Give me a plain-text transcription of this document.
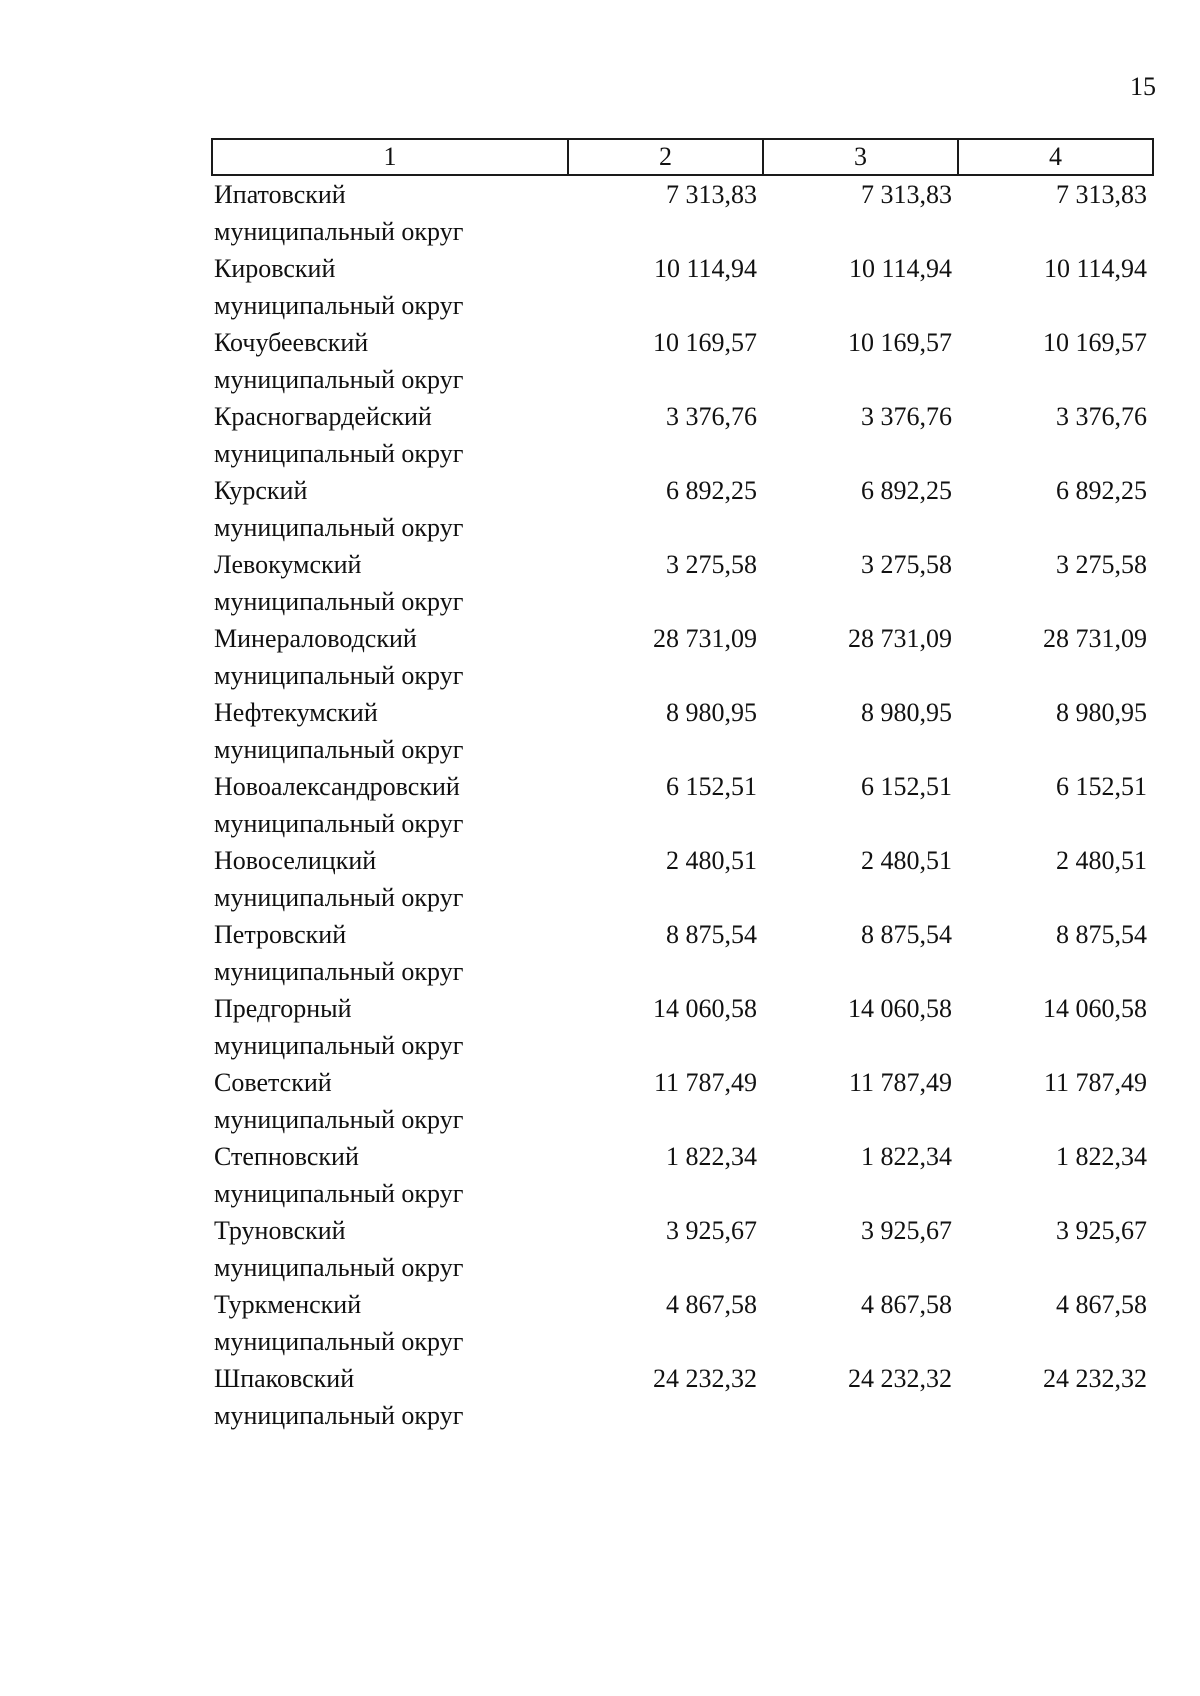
15
1	2	3	4

Ипатовский
муниципальный округ	7 313,83	7 313,83	7 313,83

Кировский
муниципальный округ	10 114,94	10 114,94	10 114,94

Кочубеевский
муниципальный округ	10 169,57	10 169,57	10 169,57

Красногвардейский
муниципальный округ	3 376,76	3 376,76	3 376,76

Курский
муниципальный округ	6 892,25	6 892,25	6 892,25

Левокумский
муниципальный округ	3 275,58	3 275,58	3 275,58

Минераловодский
муниципальный округ	28 731,09	28 731,09	28 731,09

Нефтекумский
муниципальный округ	8 980,95	8 980,95	8 980,95

Новоалександровский
муниципальный округ	6 152,51	6 152,51	6 152,51

Новоселицкий
муниципальный округ	2 480,51	2 480,51	2 480,51

Петровский
муниципальный округ	8 875,54	8 875,54	8 875,54

Предгорный
муниципальный округ	14 060,58	14 060,58	14 060,58

Советский
муниципальный округ	11 787,49	11 787,49	11 787,49

Степновский
муниципальный округ	1 822,34	1 822,34	1 822,34

Труновский
муниципальный округ	3 925,67	3 925,67	3 925,67

Туркменский
муниципальный округ	4 867,58	4 867,58	4 867,58

Шпаковский
муниципальный округ	24 232,32	24 232,32	24 232,32
